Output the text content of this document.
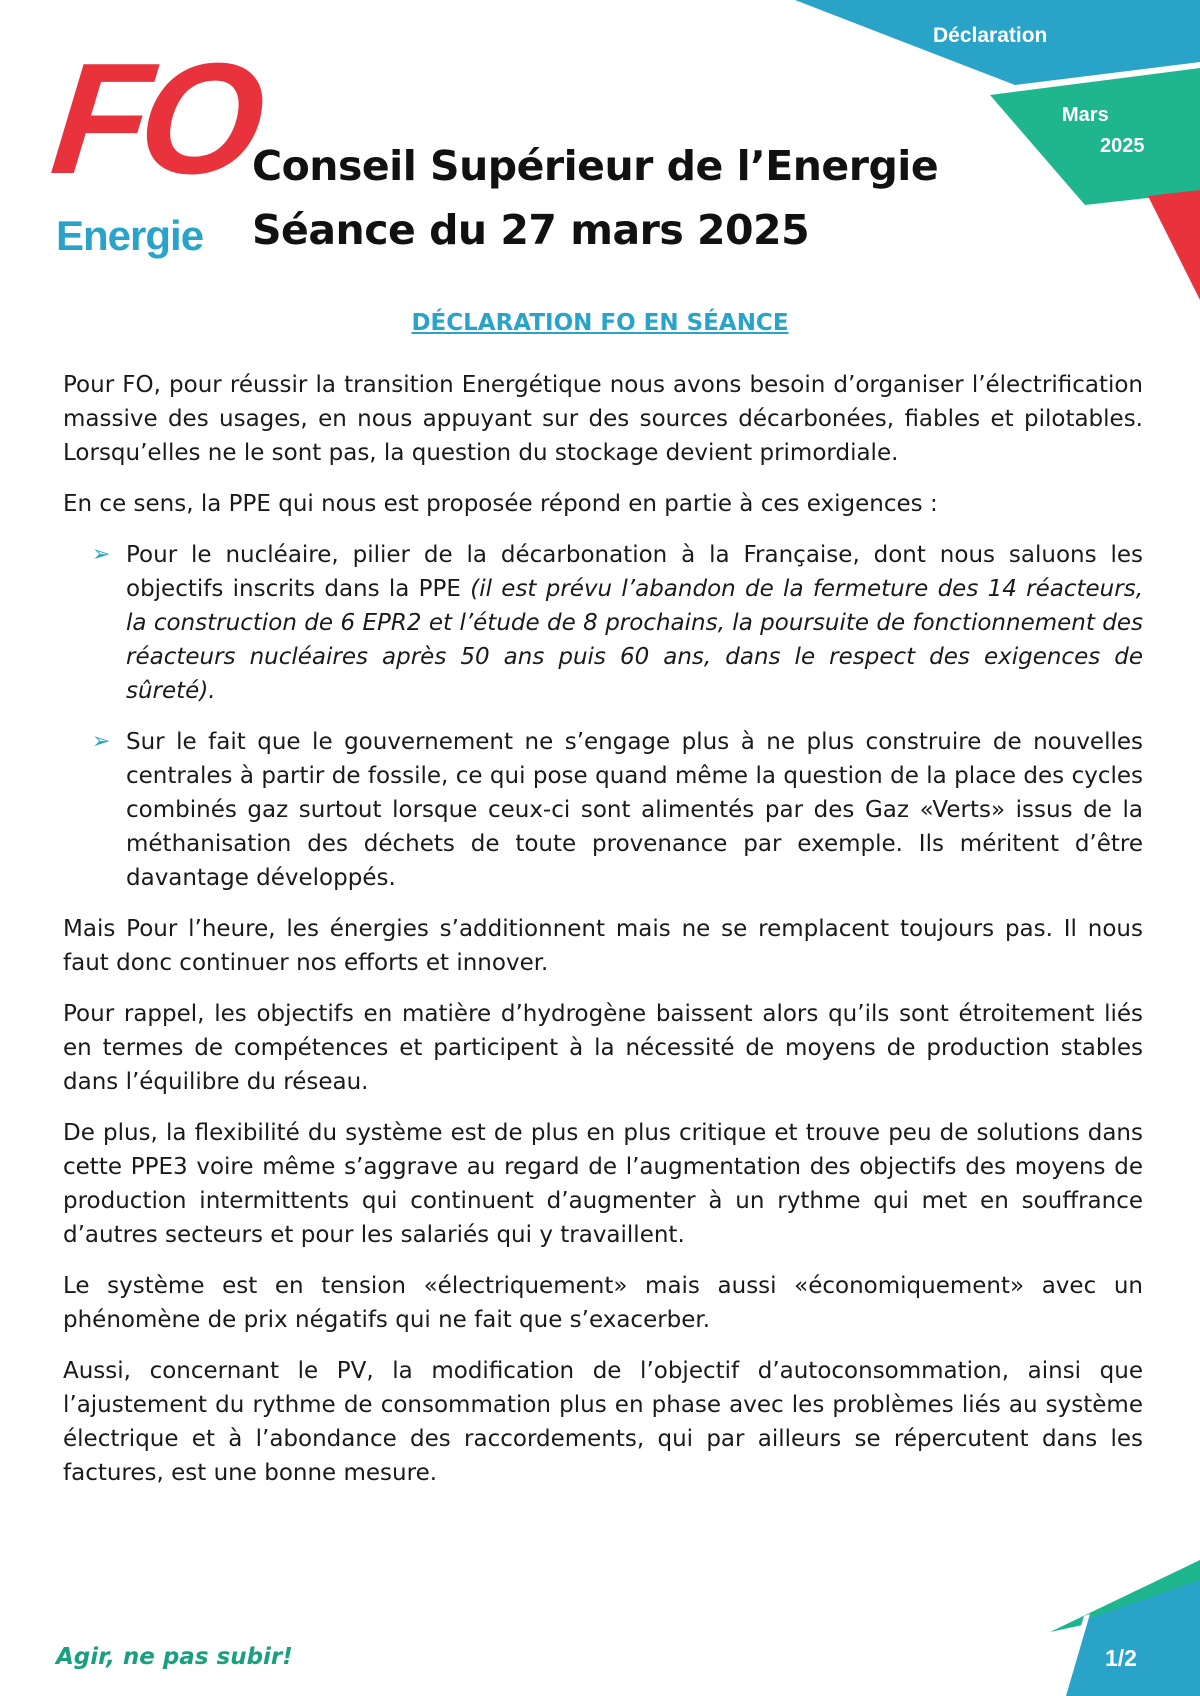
Déclaration
Mars
2025
FO
Energie
Conseil Supérieur de l’Energie
Séance du 27 mars 2025
DÉCLARATION FO EN SÉANCE

Pour FO, pour réussir la transition Energétique nous avons besoin d’organiser l’électrification massive des usages, en nous appuyant sur des sources décarbonées, fiables et pilotables. Lorsqu’elles ne le sont pas, la question du stockage devient primordiale.

En ce sens, la PPE qui nous est proposée répond en partie à ces exigences :

➢ Pour le nucléaire, pilier de la décarbonation à la Française, dont nous saluons les objectifs inscrits dans la PPE (il est prévu l’abandon de la fermeture des 14 réacteurs, la construction de 6 EPR2 et l’étude de 8 prochains, la poursuite de fonctionnement des réacteurs nucléaires après 50 ans puis 60 ans, dans le respect des exigences de sûreté).
➢ Sur le fait que le gouvernement ne s’engage plus à ne plus construire de nouvelles centrales à partir de fossile, ce qui pose quand même la question de la place des cycles combinés gaz surtout lorsque ceux-ci sont alimentés par des Gaz «Verts» issus de la méthanisation des déchets de toute provenance par exemple. Ils méritent d’être davantage développés.

Mais Pour l’heure, les énergies s’additionnent mais ne se remplacent toujours pas. Il nous faut donc continuer nos efforts et innover.

Pour rappel, les objectifs en matière d’hydrogène baissent alors qu’ils sont étroitement liés en termes de compétences et participent à la nécessité de moyens de production stables dans l’équilibre du réseau.

De plus, la flexibilité du système est de plus en plus critique et trouve peu de solutions dans cette PPE3 voire même s’aggrave au regard de l’augmentation des objectifs des moyens de production intermittents qui continuent d’augmenter à un rythme qui met en souffrance d’autres secteurs et pour les salariés qui y travaillent.

Le système est en tension «électriquement» mais aussi «économiquement» avec un phénomène de prix négatifs qui ne fait que s’exacerber.

Aussi, concernant le PV, la modification de l’objectif d’autoconsommation, ainsi que l’ajustement du rythme de consommation plus en phase avec les problèmes liés au système électrique et à l’abondance des raccordements, qui par ailleurs se répercutent dans les factures, est une bonne mesure.

Agir, ne pas subir!	1/2
